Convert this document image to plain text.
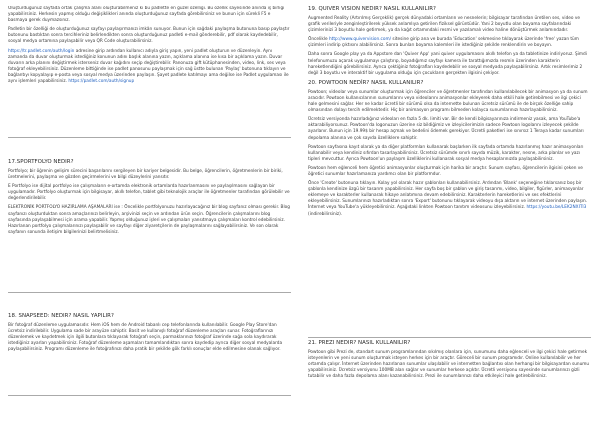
Oluşturduğunuz sayfada ortak çalışma alanı oluşturabilmeniz ki bu padlette en güzel özelliği. Bu özellik sayesinde anında iş birliği yapabilirsiniz. Herkesin yapmış olduğu değişiklikleri anında oluşturduğunuz sayfada görebilirsiniz ve bunun için sürekli F5 e basmaya gerek duymazsınız.

Padletin bir özelliği de oluşturduğunuz sayfayı paylaşırmanızı imkân sunuyor. Bunun için sağdaki paylaşma butonuna basıp paylaştır butonunu bastıktan sonra tercihleriniz belirlendikten sonra oluşturduğunuz padleti e-mail gönderebilir, pdf olarak kaydedebilir, sosyal medya ortamına paylaşabilir veya QR Code oluşturabilirsiniz.

https://tr.padlet.com/auth/login adresine girip ardından kullanıcı adıyla giriş yapın, yeni padlet oluşturun ve düzenleyin. Aynı zamanda da duvar oluşturmak istediğiniz konunun adını başlık alanına yazın, açıklama alanına ise kısa bir açıklama yazın. Duvar duvarın arka planını değiştirmek isterseniz duvar kağıdını seçip değiştirebilir. Panonuza gift kütüphanesinden, video, link, ses veya fotoğraf ekleyebilirsiniz. Düzenleme bittiğinde ise padlet panosunu paylaşmak için sağ üstte bulunan 'Paylaş' butonuna tıklayın ve bağlantıyı kopyalayıp e-posta veya sosyal medya üzerinden paylaşın. Şayet padlete katılmayı ama değilse ise Padlet uygulaması ile aynı işlemleri yapabilirsiniz. https://padlet.com/auth/signup

17.SPORTFOLYO NEDİR?

Portfolyo; bir öğrenin gelişim sürecini başarılarını sergileyen bir kariyer belgesidir. Bu belge, öğrencilerin, öğretmenlerin bir biriki, üretmelerini, paylaşma ve gözden geçirmelerini ve bilgi düzeylerini yansıtır.

E Portfolyo ise dijital portfolyo ise çalışmaların e-ortamda elektronik ortamlarda hazırlanmasını ve paylaşılmasını sağlayan bir uygulamadır. Portfolyo oluşturmak için bilgisayar, akıllı telefon, tablet gibi teknolojik araçlar ile öğretmenler tarafından görülebilir ve değerlendirilebilir.

ELEKTRONİK PORTFOLYO HAZIRLAMA AŞAMALARI ise : Öncelikle portfolyonuzu hazırlayacağınız bir blog sayfanız olması gerekir. Blog sayfanızı oluşturduktan sonra amaçlarınızı belirleyin, arşivinizi seçin ve ardından ürün seçin. Öğrencilerin çalışmalarını blog sayfasında paylaşabilmesi için arama yapabilir. Yapmış olduğunuz işleri ve çalışmaları yansıtmaya çalışmaları kontrol edebilirsiniz. Hazırlanan portfolyo çalışmalarınızı paylaşabilir ve sayfayı diğer ziyaretçilerin de paylaşmalarını sağlayabilirsiniz. Ve son olarak sayfanın sonunda iletişim bilgilerinizi belirtmelisiniz.

18. SNAPSEED: NEDİR? NASIL YAPILIR?

Bir fotoğraf düzenleme uygulamasıdır. Hem iOS hem de Android tabanlı cep telefonlarında kullanılabilir. Google Play Store'dan ücretsiz indirilebilir. Uygulama sade bir arayüze sahiptir. Basit ve kullanışlı fotoğraf düzenleme araçları sunar. Fotoğraflarınızı düzenlemek ve kaydetmek için ilgili butonlara tıklayarak fotoğrafı seçin, parmaklarınızı fotoğraf üzerinde sağa sola kaydırarak istediğiniz ayarları yapabilirsiniz. Fotoğraf düzenleme aşamaları tamamlandıktan sonra kaydedip ayrıca diğer sosyal medyalarda paylaşabilirsiniz. Programı düzenleme ile fotoğrafınızı daha pratik bir şekilde gök farklı sonuçlar elde edilmesine olanak sağlıyor.

19. QUIVER VİSİON NEDİR? NASIL KULLANILIR?

Augmented Reality (Artırılmış Gerçeklik) gerçek dünyadaki ortamların ve nesnelerin; bilgisayar tarafından üretilen ses, video ve grafik verileriyle zenginleştirilerek yüksek anlamlıya getirilen fiziksel görüntüdür. Yani 2 boyutlu olan boyama sayfalarındaki çizimlerinizi 3 boyutlu hale getirmek, ya da kağıt ortamındaki resmi ve yazılamalı video haline dönüştürmek anlamındadır.

Öncelikle http://www.quivervision.com/ sitesine girip ana ve burada 'Education' sekmesine tıklayarak üzerinde 'free' yazan tüm çizimleri indirip çıktısını alabilirsiniz. Sonra bunları boyama kalemleri ile istediğiniz şekilde renklendirin ve boyayın.

Daha sonra Google play ya da Appstore dan 'Quiver App' yani quiver uygulamasını akıllı telefon ya da tabletinize indiriyoruz. Şimdi telefonumuzu açarak uygulamayı çalıştırıp, boyadığımız sayfayı kamera ile tarattığımızda resmin üzerinden karakterin hareketlendiğini görebilirsiniz. Ayrıca çektiğiniz fotoğrafları kaydedebilir ve sosyal medyada paylaşabilirsiniz. Artık resimlerimiz 2 değil 3 boyutlu ve interaktif bir uygulama olduğu için çocukların gerçekten ilgisini çekiyor.

20. POWTOON NEDİR? NASIL KULLANILIR?

Powtoon; videolar veya sunumlar oluşturmak için öğrenciler ve öğretmenler tarafından kullanılabilecek bir animasyon ya da sunum aracıdır. Powtoon kullanıcılarının sunumlarını veya videolarını animasyonlar ekleyerek daha etkili hale getirebilmesi ve ilgi çekici hale gelmesini sağlar. Her ne kadar ücretli bir sürümü olsa da internette bulunan ücretsiz sürümü ile de birçok özelliğe sahip olmasından dolayı tercih edilmektedir. Hiç bir animasyon programı bilmeden kolayca sunumlarınızı hazırlayabilirsiniz.

Ücretsiz versiyonda hazırladığınız videoları en fazla 5 dk. limiti var. Bir de kendi bilgisayarınıza indirmeniz yasak, ama YouTube'a aktarabiliyorsunuz. Powtoon'da logonuzun üzerine siz bildiğimiz ve izleyicilerimizin sadece Powtoon logolarını izleyecek şekilde ayarlanır. Bunun için 19.99$ bir hesap açmak ve bedelini ödemek gerekiyor. Ücretli paketleri ise sınırsız 1 Teraya kadar sunumları depolama alanına ve çok sayıda özelliklere sahiptir.

Powtoon sayfasına kayıt olarak ya da diğer platformları kullanarak başlarken ilk sayfada ortamda hazırlanmış hazır animasyonları kullanabilir veya kendiniz sıfırdan tasarlayabilirsiniz. Ücretsiz sürümde sınırlı sayıda müzik, karakter, nesne, arka planlar ve yazı tipleri mevcuttur. Ayrıca Powtoon'un paylaşım özelliklerini kullanarak sosyal medya hesaplarınızda paylaşabilirsiniz.

Powtoon hem eğlenceli hem öğretici animasyonlar oluşturmak için harika bir araçtır. Sunum sayfası, öğrencilerin ilgisini çeken ve öğretici sunumlar hazırlamanıza yardımcı olan bir platformdur.

Önce 'Create' butonuna tıklayın. Kolay yol olarak hazır şablonları kullanabilirsiniz. Ardından 'Blank' seçeneğine tıklarsanız boş bir şablonla kendinize özgü bir tasarım yapabilirsiniz. Her sayfa boş bir şablon ve giriş tasarımı, video, bilgiler, figürler, animasyonlar eklemeye ve karakterler kullanarak hikaye anlatımına devam edebilirsiniz. Karakterlerin hareketlerini ve ses efektlerini ekleyebilirsiniz. Sunumlarınızı hazırladıktan sonra 'Export' butonunu tıklayarak videoyu dışa aktarın ve internet üzerinden paylaşın. İnternet veya YouTube'a yükleyebilirsiniz. Aşağıdaki linkten Powtoon tanıtım videosunu izleyebilirsiniz. https://youtu.be/LEK2NXITI3 (indirebilirsiniz).

21. PREZİ NEDİR? NASIL KULLANILIR?

Powtoon gibi Prezi de, standart sunum programlarından sıkılmış olanlara için, sunumunu daha eğlenceli ve ilgi çekici hale getirmek isteyenlerin ve yeni sunum oluşturmak isteyen herkes için bir araçtır. Göreceli bir sunum programıdır. Online kullanılabilir ve her ortamda çalışır. İnternet üzerinden hazırlanan sunumlar ulaşılabilir ve internetten bağlantısı olan herhangi bir bilgisayardan sunumu yapabilirsiniz. Ücretsiz versiyonu 100MB alan sağlar ve sunumlar herkese açıktır. Ücretli versiyonu sayesinde sunumlarınızı gizli tutabilir ve daha fazla depolama alanı kazanabilirsiniz. Prezi ile sunumlarınızı daha etkileyici hale getirebilirsiniz.
